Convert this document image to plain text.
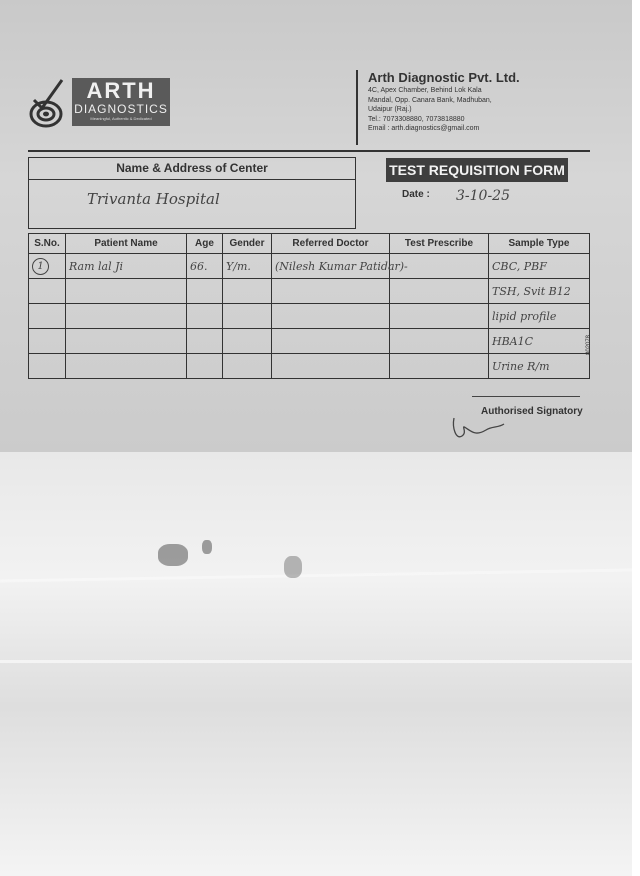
ARTH
DIAGNOSTICS
Meaningful, Authentic & Dedicated
Arth Diagnostic Pvt. Ltd.
4C, Apex Chamber, Behind Lok Kala
Mandal, Opp. Canara Bank, Madhuban,
Udaipur (Raj.)
Tel.: 7073308880, 7073818880
Email : arth.diagnostics@gmail.com
Name & Address of Center
Trivanta Hospital
TEST REQUISITION FORM
Date : 3-10-25
S.No.	Patient Name	Age	Gender	Referred Doctor	Test Prescribe	Sample Type
1	Ram lal Ji	66.	Y/m.	(Nilesh Kumar Patidar)-		CBC, PBF
						TSH, Svit B12
						lipid profile
						HBA1C
						Urine R/m
802078
Authorised Signatory
